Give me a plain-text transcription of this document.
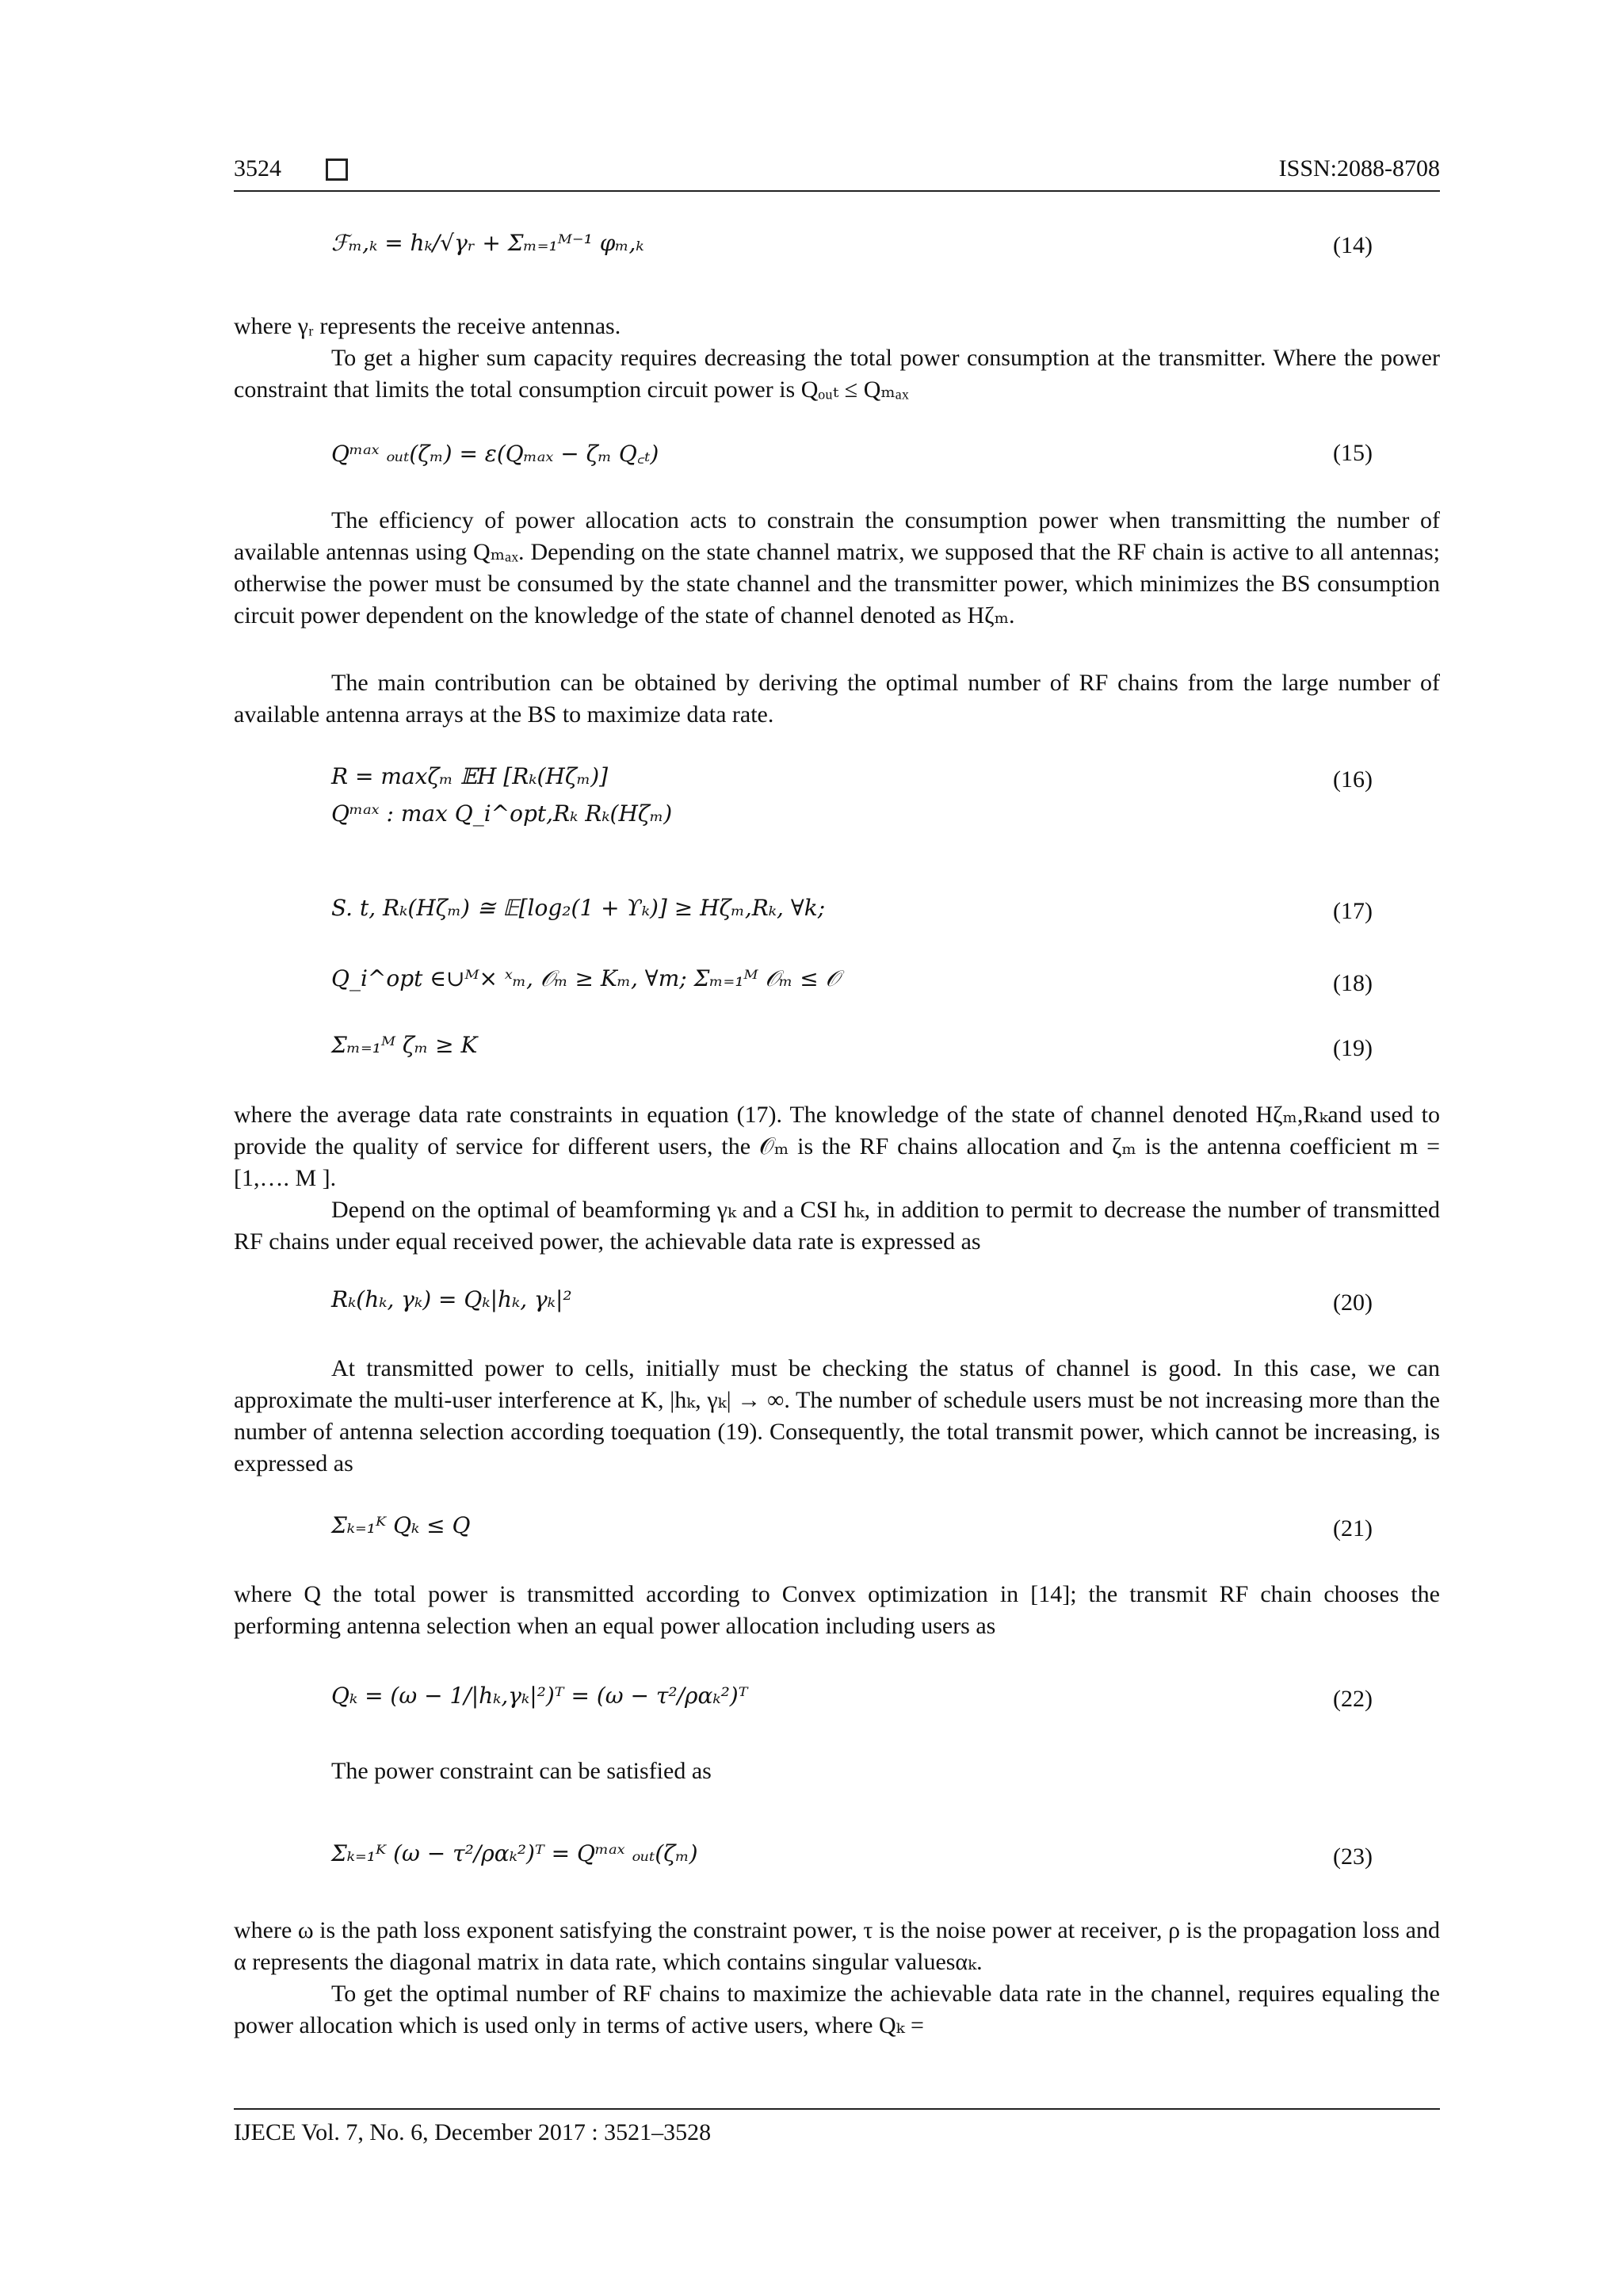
3524	ISSN:2088-8708
ℱₘ,ₖ = hₖ/√γᵣ + Σₘ₌₁ᴹ⁻¹ φₘ,ₖ	(14)
where γᵣ represents the receive antennas.
To get a higher sum capacity requires decreasing the total power consumption at the transmitter. Where the power constraint that limits the total consumption circuit power is Qₒᵤₜ ≤ Qₘₐₓ
Qᵐᵃˣ ₒᵤₜ(ζₘ) = ε(Qₘₐₓ − ζₘ Q꜀ₜ)	(15)
The efficiency of power allocation acts to constrain the consumption power when transmitting the number of available antennas using Qₘₐₓ. Depending on the state channel matrix, we supposed that the RF chain is active to all antennas; otherwise the power must be consumed by the state channel and the transmitter power, which minimizes the BS consumption circuit power dependent on the knowledge of the state of channel denoted as Hζₘ.
The main contribution can be obtained by deriving the optimal number of RF chains from the large number of available antenna arrays at the BS to maximize data rate.
R = maxζₘ 𝔼H [Rₖ(Hζₘ)]
Qᵐᵃˣ : max Q_i^opt,Rₖ Rₖ(Hζₘ)
(16)
S. t, Rₖ(Hζₘ) ≅ 𝔼[log₂(1 + ϒₖ)] ≥ Hζₘ,Rₖ, ∀k;	(17)
Q_i^opt ∈∪ᴹ× ˣₘ, 𝒪ₘ ≥ Kₘ, ∀m; Σₘ₌₁ᴹ 𝒪ₘ ≤ 𝒪	(18)
Σₘ₌₁ᴹ ζₘ ≥ K	(19)
where the average data rate constraints in equation (17). The knowledge of the state of channel denoted Hζₘ,Rₖand used to provide the quality of service for different users, the 𝒪ₘ is the RF chains allocation and ζₘ is the antenna coefficient m = [1,…. M ].
Depend on the optimal of beamforming γₖ and a CSI hₖ, in addition to permit to decrease the number of transmitted RF chains under equal received power, the achievable data rate is expressed as
Rₖ(hₖ, γₖ) = Qₖ|hₖ, γₖ|²	(20)
At transmitted power to cells, initially must be checking the status of channel is good. In this case, we can approximate the multi-user interference at K, |hₖ, γₖ| → ∞. The number of schedule users must be not increasing more than the number of antenna selection according toequation (19). Consequently, the total transmit power, which cannot be increasing, is expressed as
Σₖ₌₁ᴷ Qₖ ≤ Q	(21)
where Q the total power is transmitted according to Convex optimization in [14]; the transmit RF chain chooses the performing antenna selection when an equal power allocation including users as
Qₖ = (ω − 1/|hₖ,γₖ|²)ᵀ = (ω − τ²/ραₖ²)ᵀ	(22)
The power constraint can be satisfied as
Σₖ₌₁ᴷ (ω − τ²/ραₖ²)ᵀ = Qᵐᵃˣ ₒᵤₜ(ζₘ)	(23)
where ω is the path loss exponent satisfying the constraint power, τ is the noise power at receiver, ρ is the propagation loss and α represents the diagonal matrix in data rate, which contains singular valuesαₖ.
To get the optimal number of RF chains to maximize the achievable data rate in the channel, requires equaling the power allocation which is used only in terms of active users, where Qₖ =
IJECE Vol. 7, No. 6, December 2017 : 3521–3528
